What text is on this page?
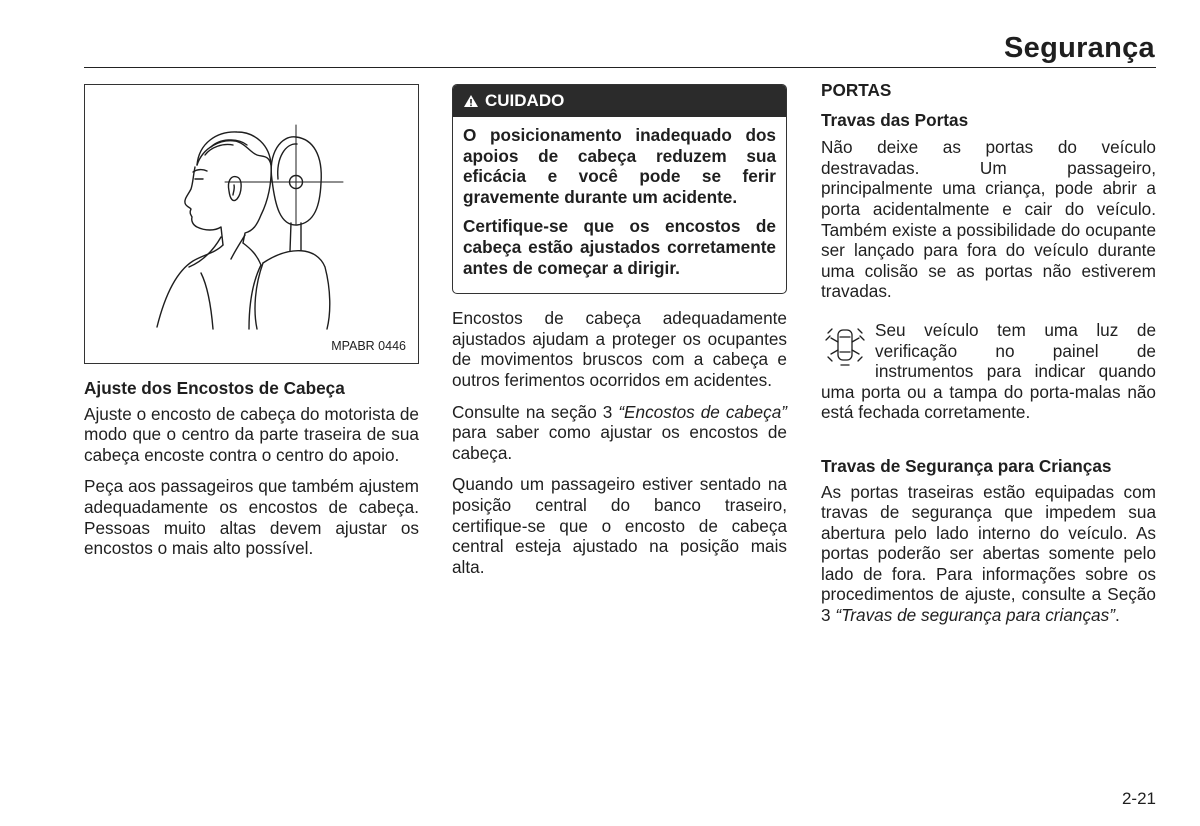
Segurança
MPABR 0446
Ajuste dos Encostos de Cabeça

Ajuste o encosto de cabeça do motorista de modo que o centro da parte traseira de sua cabeça encoste contra o centro do apoio.

Peça aos passageiros que também ajustem adequadamente os encostos de cabeça. Pessoas muito altas devem ajustar os encostos o mais alto possível.

CUIDADO

O posicionamento inadequado dos apoios de cabeça reduzem sua eficácia e você pode se ferir gravemente durante um acidente.

Certifique-se que os encostos de cabeça estão ajustados corretamente antes de começar a dirigir.

Encostos de cabeça adequadamente ajustados ajudam a proteger os ocupantes de movimentos bruscos com a cabeça e outros ferimentos ocorridos em acidentes.

Consulte na seção 3 “Encostos de cabeça” para saber como ajustar os encostos de cabeça.

Quando um passageiro estiver sentado na posição central do banco traseiro, certifique-se que o encosto de cabeça central esteja ajustado na posição mais alta.

PORTAS
Travas das Portas

Não deixe as portas do veículo destravadas. Um passageiro, principalmente uma criança, pode abrir a porta acidentalmente e cair do veículo. Também existe a possibilidade do ocupante ser lançado para fora do veículo durante uma colisão se as portas não estiverem travadas.

Seu veículo tem uma luz de verificação no painel de instrumentos para indicar quando uma porta ou a tampa do porta-malas não está fechada corretamente.

Travas de Segurança para Crianças

As portas traseiras estão equipadas com travas de segurança que impedem sua abertura pelo lado interno do veículo. As portas poderão ser abertas somente pelo lado de fora. Para informações sobre os procedimentos de ajuste, consulte a Seção 3 “Travas de segurança para crianças”.

2-21
